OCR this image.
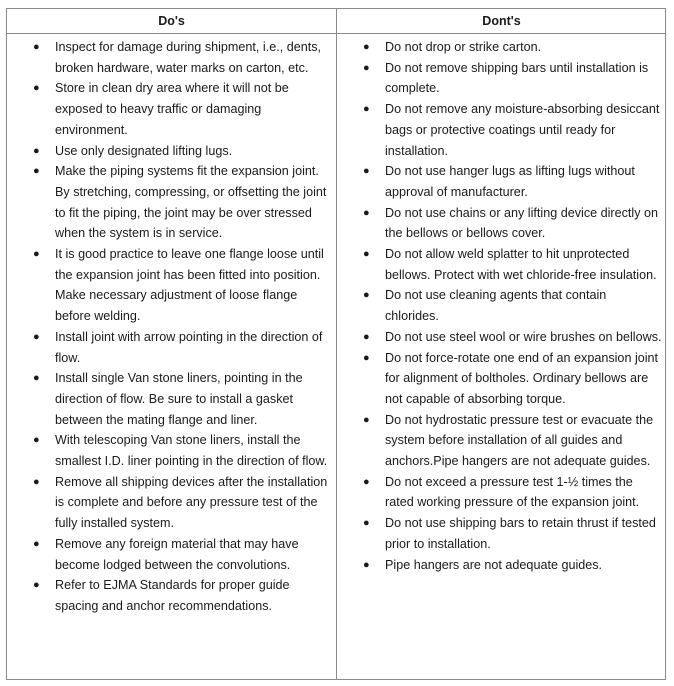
Do's	Dont's
● Inspect for damage during shipment, i.e., dents, broken hardware, water marks on carton, etc.
● Store in clean dry area where it will not be exposed to heavy traffic or damaging environment.
● Use only designated lifting lugs.
● Make the piping systems fit the expansion joint. By stretching, compressing, or offsetting the joint to fit the piping, the joint may be over stressed when the system is in service.
● It is good practice to leave one flange loose until the expansion joint has been fitted into position. Make necessary adjustment of loose flange before welding.
● Install joint with arrow pointing in the direction of flow.
● Install single Van stone liners, pointing in the direction of flow. Be sure to install a gasket between the mating flange and liner.
● With telescoping Van stone liners, install the smallest I.D. liner pointing in the direction of flow.
● Remove all shipping devices after the installation is complete and before any pressure test of the fully installed system.
● Remove any foreign material that may have become lodged between the convolutions.
● Refer to EJMA Standards for proper guide spacing and anchor recommendations.
● Do not drop or strike carton.
● Do not remove shipping bars until installation is complete.
● Do not remove any moisture-absorbing desiccant bags or protective coatings until ready for installation.
● Do not use hanger lugs as lifting lugs without approval of manufacturer.
● Do not use chains or any lifting device directly on the bellows or bellows cover.
● Do not allow weld splatter to hit unprotected bellows. Protect with wet chloride-free insulation.
● Do not use cleaning agents that contain chlorides.
● Do not use steel wool or wire brushes on bellows.
● Do not force-rotate one end of an expansion joint for alignment of boltholes. Ordinary bellows are not capable of absorbing torque.
● Do not hydrostatic pressure test or evacuate the system before installation of all guides and anchors.Pipe hangers are not adequate guides.
● Do not exceed a pressure test 1-½ times the rated working pressure of the expansion joint.
● Do not use shipping bars to retain thrust if tested prior to installation.
● Pipe hangers are not adequate guides.
